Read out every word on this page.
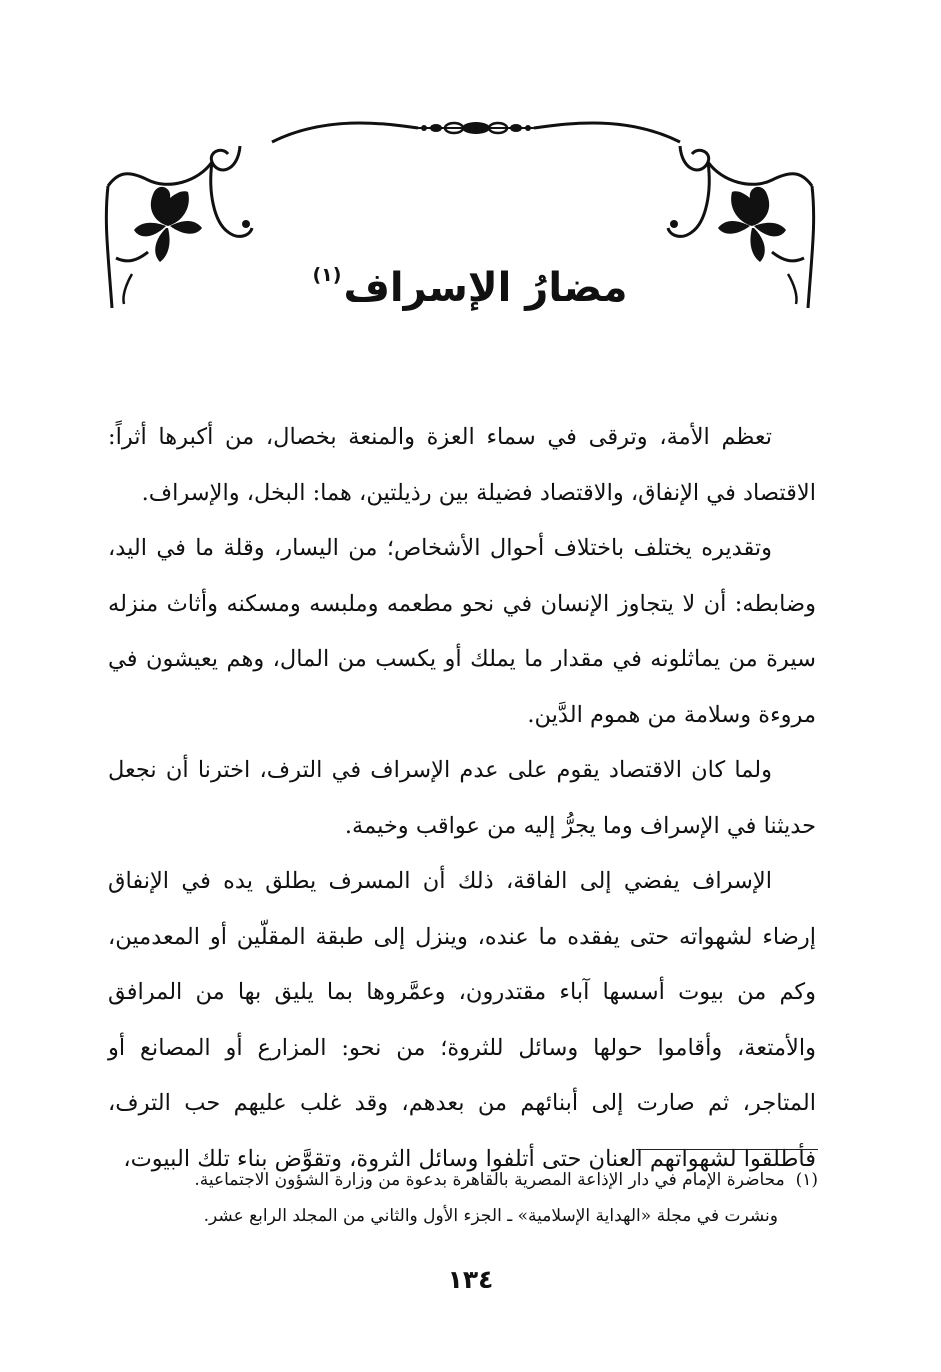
مضارُ الإسراف$^{(١)}$

تعظم الأمة، وترقى في سماء العزة والمنعة بخصال، من أكبرها أثراً: الاقتصاد في الإنفاق، والاقتصاد فضيلة بين رذيلتين، هما: البخل، والإسراف.

وتقديره يختلف باختلاف أحوال الأشخاص؛ من اليسار، وقلة ما في اليد، وضابطه: أن لا يتجاوز الإنسان في نحو مطعمه وملبسه ومسكنه وأثاث منزله سيرة من يماثلونه في مقدار ما يملك أو يكسب من المال، وهم يعيشون في مروءة وسلامة من هموم الدَّين.

ولما كان الاقتصاد يقوم على عدم الإسراف في الترف، اخترنا أن نجعل حديثنا في الإسراف وما يجرُّ إليه من عواقب وخيمة.

الإسراف يفضي إلى الفاقة، ذلك أن المسرف يطلق يده في الإنفاق إرضاء لشهواته حتى يفقده ما عنده، وينزل إلى طبقة المقلّين أو المعدمين، وكم من بيوت أسسها آباء مقتدرون، وعمَّروها بما يليق بها من المرافق والأمتعة، وأقاموا حولها وسائل للثروة؛ من نحو: المزارع أو المصانع أو المتاجر، ثم صارت إلى أبنائهم من بعدهم، وقد غلب عليهم حب الترف، فأطلقوا لشهواتهم العنان حتى أتلفوا وسائل الثروة، وتقوَّض بناء تلك البيوت،

(١)  محاضرة الإمام في دار الإذاعة المصرية بالقاهرة بدعوة من وزارة الشؤون الاجتماعية.
ونشرت في مجلة «الهداية الإسلامية» ـ الجزء الأول والثاني من المجلد الرابع عشر.
١٣٤
